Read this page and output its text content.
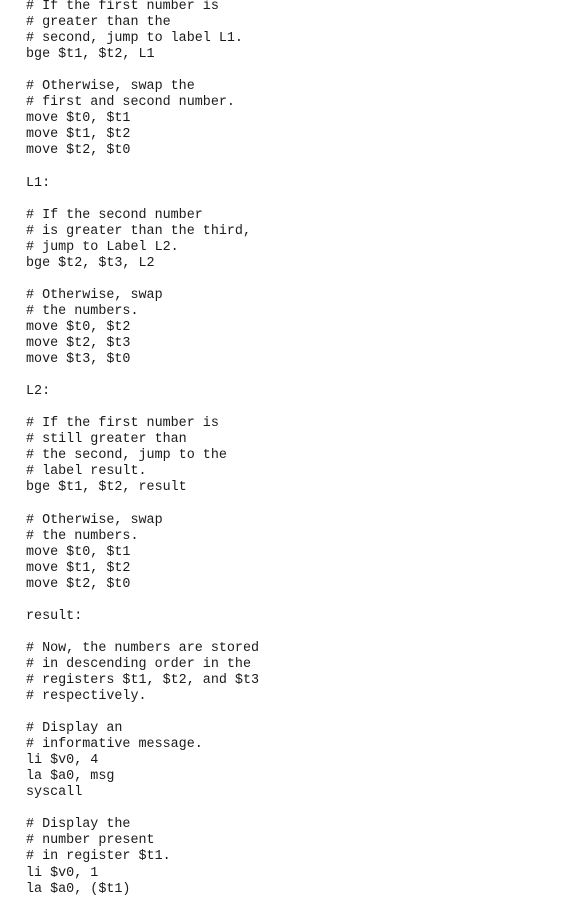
# If the first number is
# greater than the
# second, jump to label L1.
bge $t1, $t2, L1
# Otherwise, swap the
# first and second number.
move $t0, $t1
move $t1, $t2
move $t2, $t0
L1:
# If the second number
# is greater than the third,
# jump to Label L2.
bge $t2, $t3, L2
# Otherwise, swap
# the numbers.
move $t0, $t2
move $t2, $t3
move $t3, $t0
L2:
# If the first number is
# still greater than
# the second, jump to the
# label result.
bge $t1, $t2, result
# Otherwise, swap
# the numbers.
move $t0, $t1
move $t1, $t2
move $t2, $t0
result:
# Now, the numbers are stored
# in descending order in the
# registers $t1, $t2, and $t3
# respectively.
# Display an
# informative message.
li $v0, 4
la $a0, msg
syscall
# Display the
# number present
# in register $t1.
li $v0, 1
la $a0, ($t1)
